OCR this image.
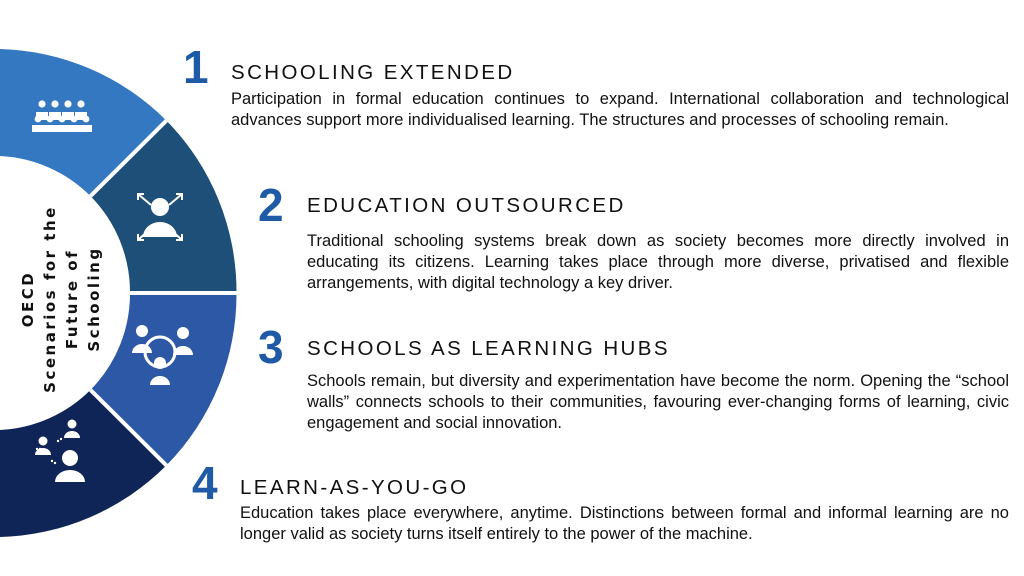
OECD Scenarios for the Future of Schooling
1 SCHOOLING EXTENDED
Participation in formal education continues to expand. International collaboration and technological advances support more individualised learning. The structures and processes of schooling remain.
2 EDUCATION OUTSOURCED
Traditional schooling systems break down as society becomes more directly involved in educating its citizens. Learning takes place through more diverse, privatised and flexible arrangements, with digital technology a key driver.
3 SCHOOLS AS LEARNING HUBS
Schools remain, but diversity and experimentation have become the norm. Opening the “school walls” connects schools to their communities, favouring ever-changing forms of learning, civic engagement and social innovation.
4 LEARN-AS-YOU-GO
Education takes place everywhere, anytime. Distinctions between formal and informal learning are no longer valid as society turns itself entirely to the power of the machine.
